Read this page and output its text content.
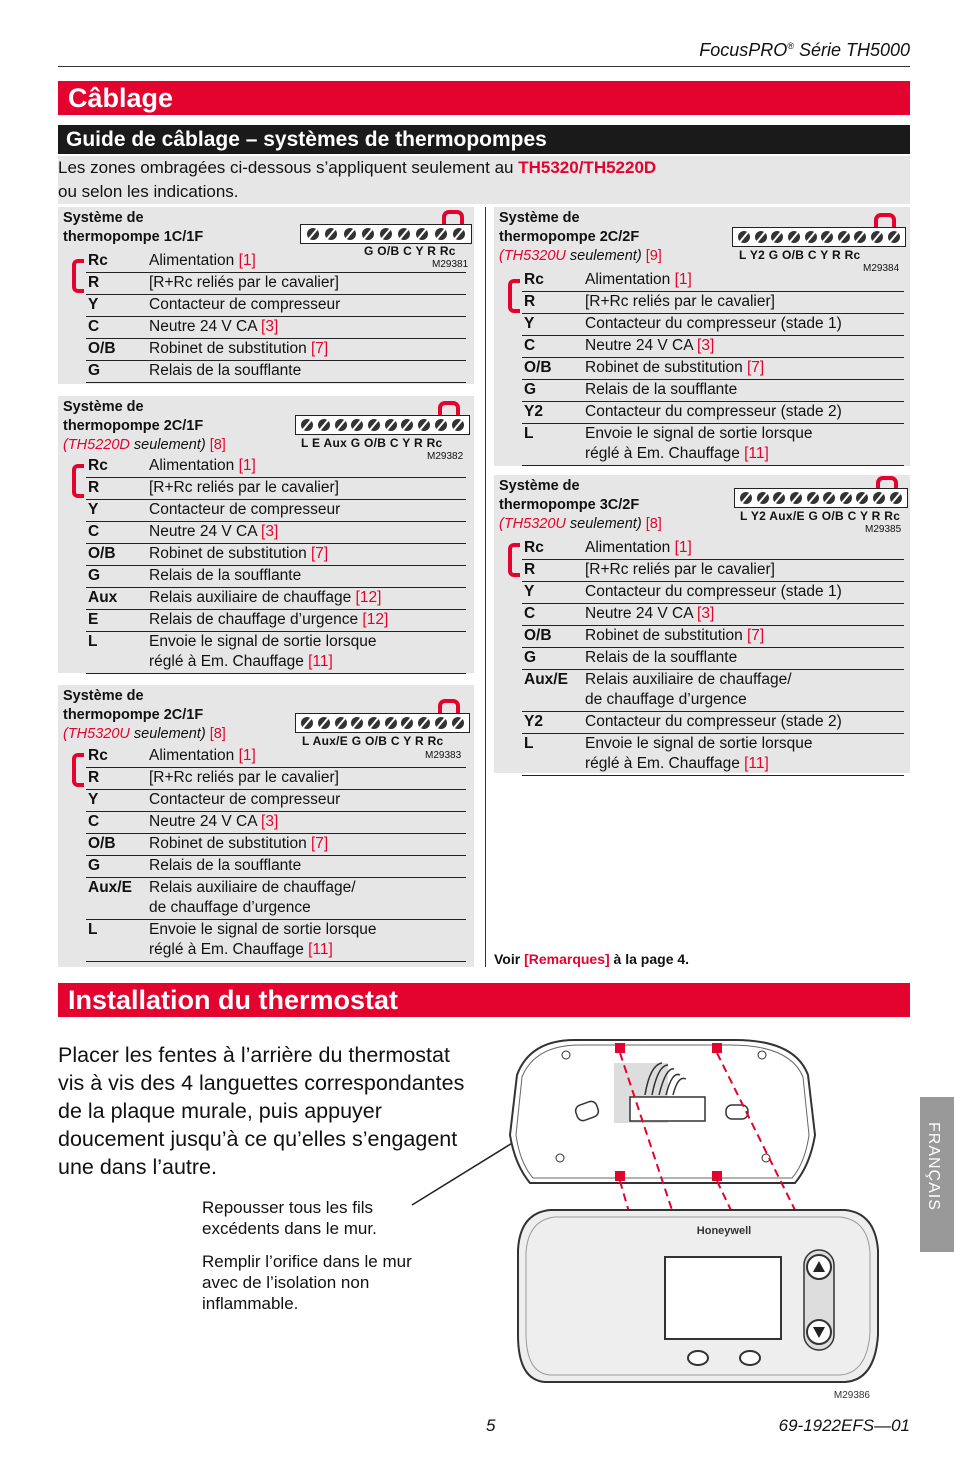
FocusPRO® Série TH5000
Câblage
Guide de câblage – systèmes de thermopompes
Les zones ombragées ci-dessous s’appliquent seulement au TH5320/TH5220D
ou selon les indications.
Système de
thermopompe 1C/1F
G O/B C Y R Rc
M29381
Rc	Alimentation [1]
R	[R+Rc reliés par le cavalier]
Y	Contacteur de compresseur
C	Neutre 24 V CA [3]
O/B	Robinet de substitution [7]
G	Relais de la soufflante
Système de
thermopompe 2C/1F
(TH5220D seulement) [8]	L E Aux G O/B C Y R Rc
M29382
Rc	Alimentation [1]
R	[R+Rc reliés par le cavalier]
Y	Contacteur de compresseur
C	Neutre 24 V CA [3]
O/B	Robinet de substitution [7]
G	Relais de la soufflante
Aux	Relais auxiliaire de chauffage [12]
E	Relais de chauffage d’urgence [12]
L	Envoie le signal de sortie lorsque
réglé à Em. Chauffage [11]
Système de
thermopompe 2C/1F
(TH5320U seulement) [8]	L Aux/E G O/B C Y R Rc
M29383
Rc	Alimentation [1]
R	[R+Rc reliés par le cavalier]
Y	Contacteur de compresseur
C	Neutre 24 V CA [3]
O/B	Robinet de substitution [7]
G	Relais de la soufflante
Aux/E	Relais auxiliaire de chauffage/
de chauffage d’urgence
L	Envoie le signal de sortie lorsque
réglé à Em. Chauffage [11]
Système de
thermopompe 2C/2F
(TH5320U seulement) [9]	L Y2 G O/B C Y R Rc
M29384
Rc	Alimentation [1]
R	[R+Rc reliés par le cavalier]
Y	Contacteur du compresseur (stade 1)
C	Neutre 24 V CA [3]
O/B	Robinet de substitution [7]
G	Relais de la soufflante
Y2	Contacteur du compresseur (stade 2)
L	Envoie le signal de sortie lorsque
réglé à Em. Chauffage [11]
Système de
thermopompe 3C/2F
(TH5320U seulement) [8]	L Y2 Aux/E G O/B C Y R Rc
M29385
Rc	Alimentation [1]
R	[R+Rc reliés par le cavalier]
Y	Contacteur du compresseur (stade 1)
C	Neutre 24 V CA [3]
O/B	Robinet de substitution [7]
G	Relais de la soufflante
Aux/E	Relais auxiliaire de chauffage/
de chauffage d’urgence
Y2	Contacteur du compresseur (stade 2)
L	Envoie le signal de sortie lorsque
réglé à Em. Chauffage [11]
Voir [Remarques] à la page 4.
Installation du thermostat
Placer les fentes à l’arrière du thermostat vis à vis des 4 languettes correspondantes de la plaque murale, puis appuyer doucement jusqu’à ce qu’elles s’engagent une dans l’autre.
Repousser tous les fils excédents dans le mur.
Remplir l’orifice dans le mur avec de l’isolation non inflammable.
Honeywell
M29386
FRANÇAIS
5	69-1922EFS—01
